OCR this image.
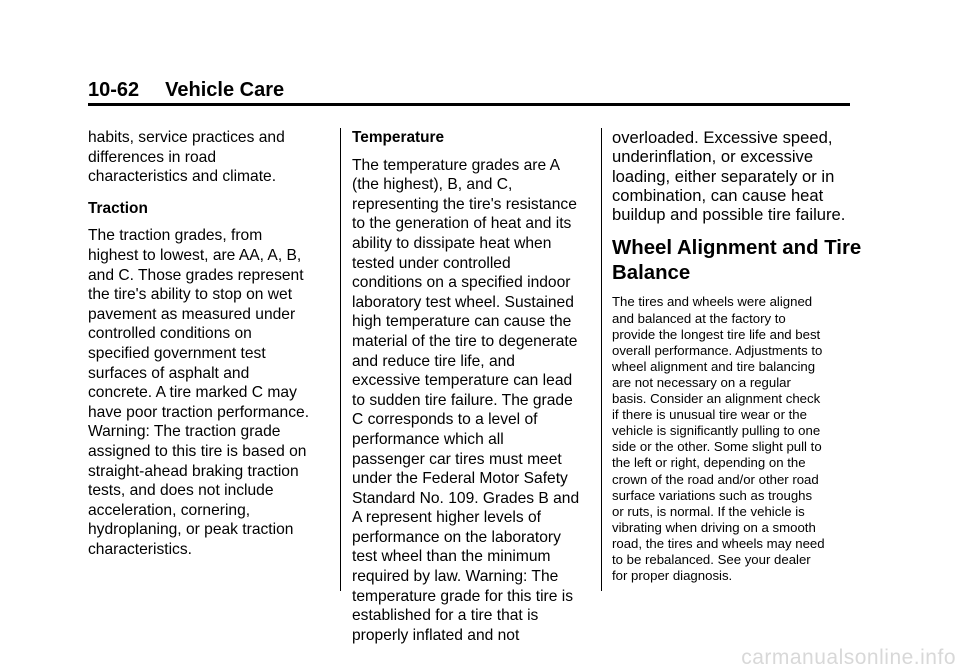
10-62 Vehicle Care

habits, service practices and

differences in road

characteristics and climate.

Traction

The traction grades, from

highest to lowest, are AA, A, B,

and C. Those grades represent

the tire's ability to stop on wet

pavement as measured under

controlled conditions on

specified government test

surfaces of asphalt and

concrete. A tire marked C may

have poor traction performance.

Warning: The traction grade

assigned to this tire is based on

straight-ahead braking traction

tests, and does not include

acceleration, cornering,

hydroplaning, or peak traction

characteristics.

Temperature

The temperature grades are A

(the highest), B, and C,

representing the tire's resistance

to the generation of heat and its

ability to dissipate heat when

tested under controlled

conditions on a specified indoor

laboratory test wheel. Sustained

high temperature can cause the

material of the tire to degenerate

and reduce tire life, and

excessive temperature can lead

to sudden tire failure. The grade

C corresponds to a level of

performance which all

passenger car tires must meet

under the Federal Motor Safety

Standard No. 109. Grades B and

A represent higher levels of

performance on the laboratory

test wheel than the minimum

required by law. Warning: The

temperature grade for this tire is

established for a tire that is

properly inflated and not

overloaded. Excessive speed,

underinflation, or excessive

loading, either separately or in

combination, can cause heat

buildup and possible tire failure.

Wheel Alignment and Tire
Balance

The tires and wheels were aligned

and balanced at the factory to

provide the longest tire life and best

overall performance. Adjustments to

wheel alignment and tire balancing

are not necessary on a regular

basis. Consider an alignment check

if there is unusual tire wear or the

vehicle is significantly pulling to one

side or the other. Some slight pull to

the left or right, depending on the

crown of the road and/or other road

surface variations such as troughs

or ruts, is normal. If the vehicle is

vibrating when driving on a smooth

road, the tires and wheels may need

to be rebalanced. See your dealer

for proper diagnosis.

carmanualsonline.info
